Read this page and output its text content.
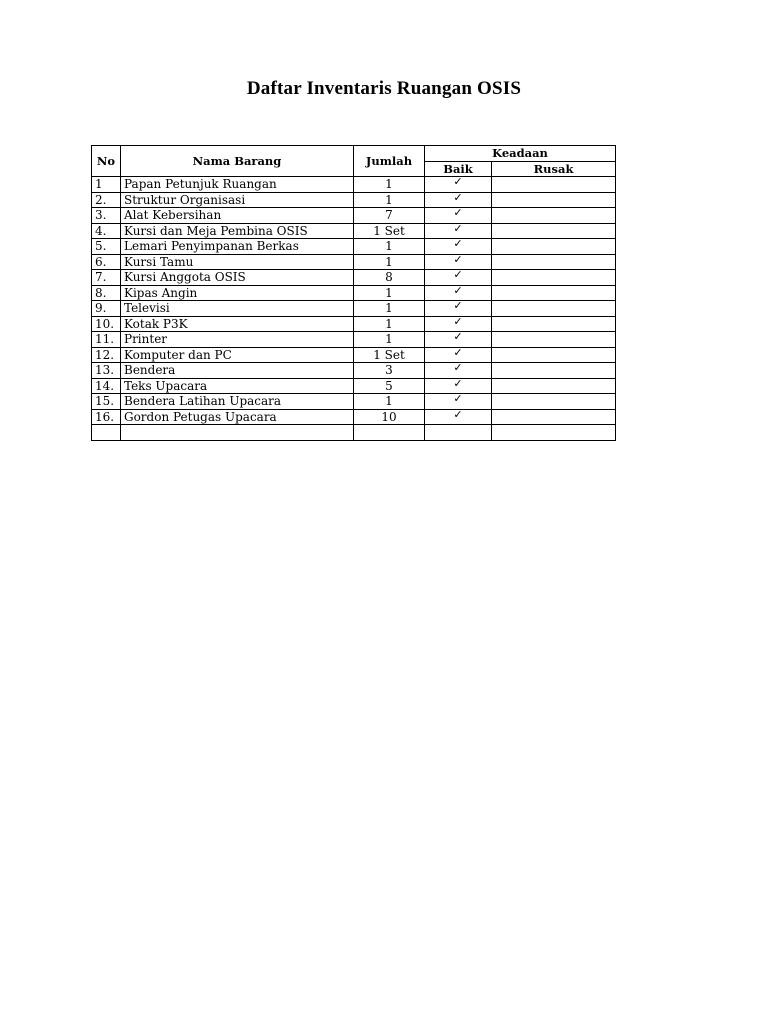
Daftar Inventaris Ruangan OSIS
No	Nama Barang	Jumlah	Keadaan	
			Baik	Rusak
1	Papan Petunjuk Ruangan	1	✓	
2.	Struktur Organisasi	1	✓	
3.	Alat Kebersihan	7	✓	
4.	Kursi dan Meja Pembina OSIS	1 Set	✓	
5.	Lemari Penyimpanan Berkas	1	✓	
6.	Kursi Tamu	1	✓	
7.	Kursi Anggota OSIS	8	✓	
8.	Kipas Angin	1	✓	
9.	Televisi	1	✓	
10.	Kotak P3K	1	✓	
11.	Printer	1	✓	
12.	Komputer dan PC	1 Set	✓	
13.	Bendera	3	✓	
14.	Teks Upacara	5	✓	
15.	Bendera Latihan Upacara	1	✓	
16.	Gordon Petugas Upacara	10	✓	
